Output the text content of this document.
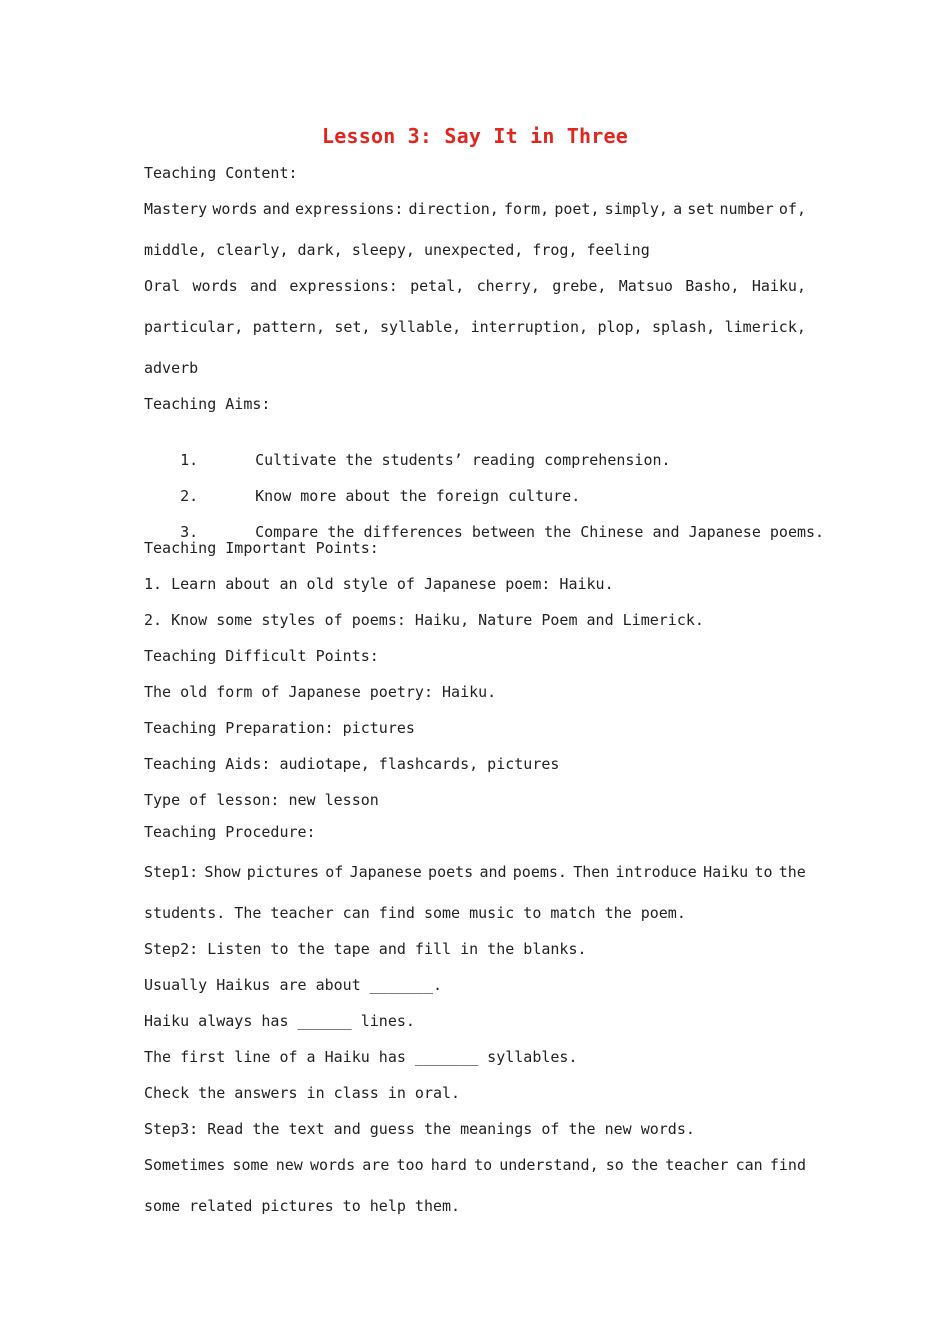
Lesson 3: Say It in Three
Teaching Content:
Mastery words and expressions: direction, form, poet, simply, a set number of,
middle, clearly, dark, sleepy, unexpected, frog, feeling
Oral words and expressions: petal, cherry, grebe, Matsuo Basho, Haiku,
particular, pattern, set, syllable, interruption, plop, splash, limerick,
adverb
Teaching Aims:

1.	Cultivate the students’ reading comprehension.

2.	Know more about the foreign culture.

3.	Compare the differences between the Chinese and Japanese poems.

Teaching Important Points:
1. Learn about an old style of Japanese poem: Haiku.
2. Know some styles of poems: Haiku, Nature Poem and Limerick.
Teaching Difficult Points:
The old form of Japanese poetry: Haiku.
Teaching Preparation: pictures
Teaching Aids: audiotape, flashcards, pictures
Type of lesson: new lesson
Teaching Procedure:
Step1: Show pictures of Japanese poets and poems. Then introduce Haiku to the
students. The teacher can find some music to match the poem.
Step2: Listen to the tape and fill in the blanks.
Usually Haikus are about _______.
Haiku always has ______ lines.
The first line of a Haiku has _______ syllables.
Check the answers in class in oral.
Step3: Read the text and guess the meanings of the new words.
Sometimes some new words are too hard to understand, so the teacher can find
some related pictures to help them.
